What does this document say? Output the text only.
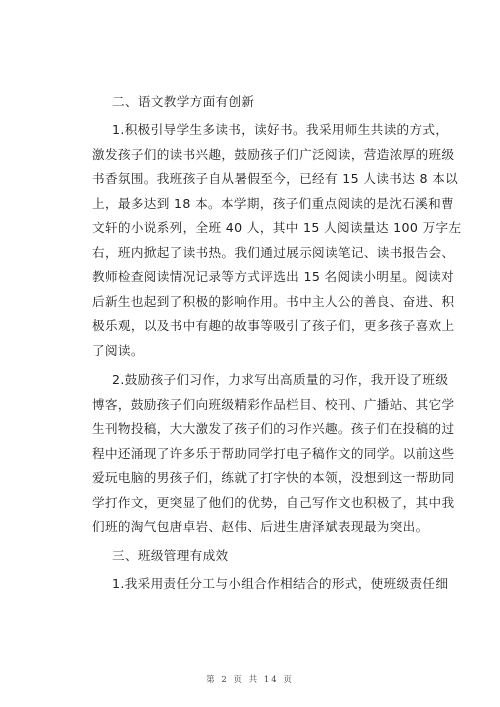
二、语文教学方面有创新
1.积极引导学生多读书，读好书。我采用师生共读的方式，
激发孩子们的读书兴趣，鼓励孩子们广泛阅读，营造浓厚的班级
书香氛围。我班孩子自从暑假至今，已经有 15 人读书达 8 本以
上，最多达到 18 本。本学期，孩子们重点阅读的是沈石溪和曹
文轩的小说系列，全班 40 人，其中 15 人阅读量达 100 万字左
右，班内掀起了读书热。我们通过展示阅读笔记、读书报告会、
教师检查阅读情况记录等方式评选出 15 名阅读小明星。阅读对
后新生也起到了积极的影响作用。书中主人公的善良、奋进、积
极乐观，以及书中有趣的故事等吸引了孩子们，更多孩子喜欢上
了阅读。
2.鼓励孩子们习作，力求写出高质量的习作，我开设了班级
博客，鼓励孩子们向班级精彩作品栏目、校刊、广播站、其它学
生刊物投稿，大大激发了孩子们的习作兴趣。孩子们在投稿的过
程中还涌现了许多乐于帮助同学打电子稿作文的同学。以前这些
爱玩电脑的男孩子们，练就了打字快的本领，没想到这一帮助同
学打作文，更突显了他们的优势，自己写作文也积极了，其中我
们班的淘气包唐卓岩、赵伟、后进生唐泽斌表现最为突出。
三、班级管理有成效
1.我采用责任分工与小组合作相结合的形式，使班级责任细
第 2 页 共 14 页
